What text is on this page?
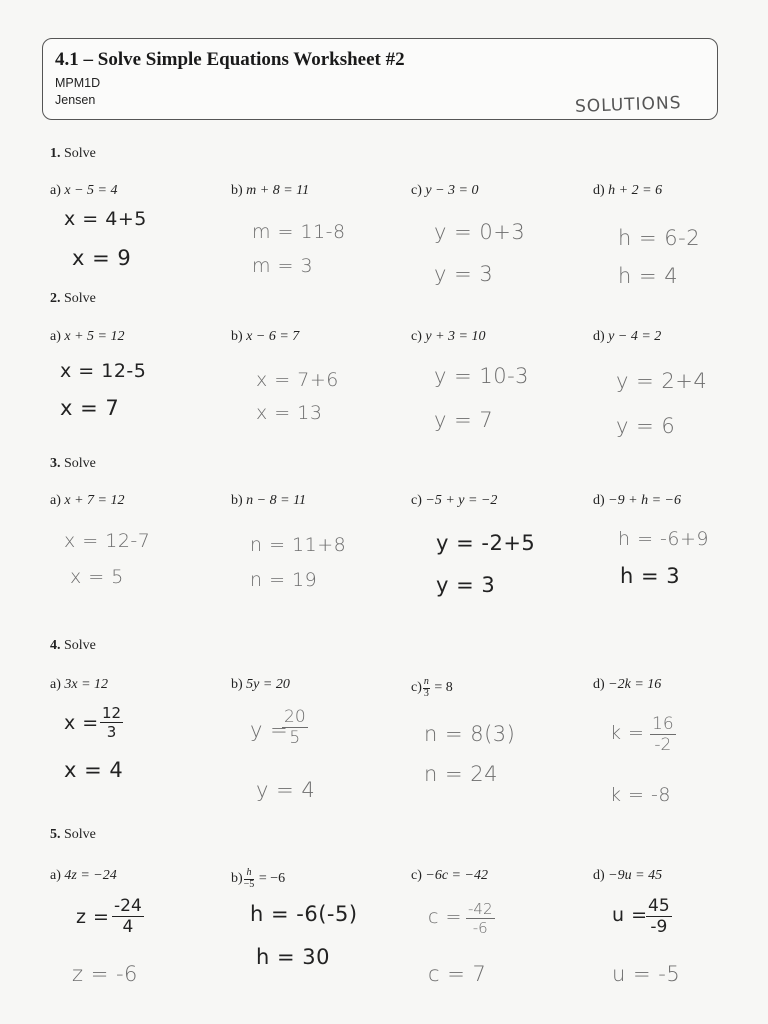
4.1 – Solve Simple Equations Worksheet #2
MPM1D
Jensen	SOLUTIONS
1. Solve
a) x − 5 = 4
x = 4+5
x = 9
b) m + 8 = 11
m = 11-8
m = 3
c) y − 3 = 0
y = 0+3
y = 3
d) h + 2 = 6
h = 6-2
h = 4
2. Solve
a) x + 5 = 12
x = 12-5
x = 7
b) x − 6 = 7
x = 7+6
x = 13
c) y + 3 = 10
y = 10-3
y = 7
d) y − 4 = 2
y = 2+4
y = 6
3. Solve
a) x + 7 = 12
x = 12-7
x = 5
b) n − 8 = 11
n = 11+8
n = 19
c) −5 + y = −2
y = -2+5
y = 3
d) −9 + h = −6
h = -6+9
h = 3
4. Solve
a) 3x = 12
$x = \frac{12}{3}$
x = 4
b) 5y = 20
y =
$\frac{20}{5}$
y = 4
$c) \frac{n}{3} = 8$
n = 8(3)
n = 24
d) −2k = 16
$k = \frac{16}{-2}$
k = -8
5. Solve
a) 4z = −24
$z = \frac{-24}{4}$
z = -6
$b) \frac{h}{-5} = -6$
h = -6(-5)
h = 30
c) −6c = −42
$c = \frac{-42}{-6}$
c = 7
d) −9u = 45
u =
$\frac{45}{-9}$
u = -5
